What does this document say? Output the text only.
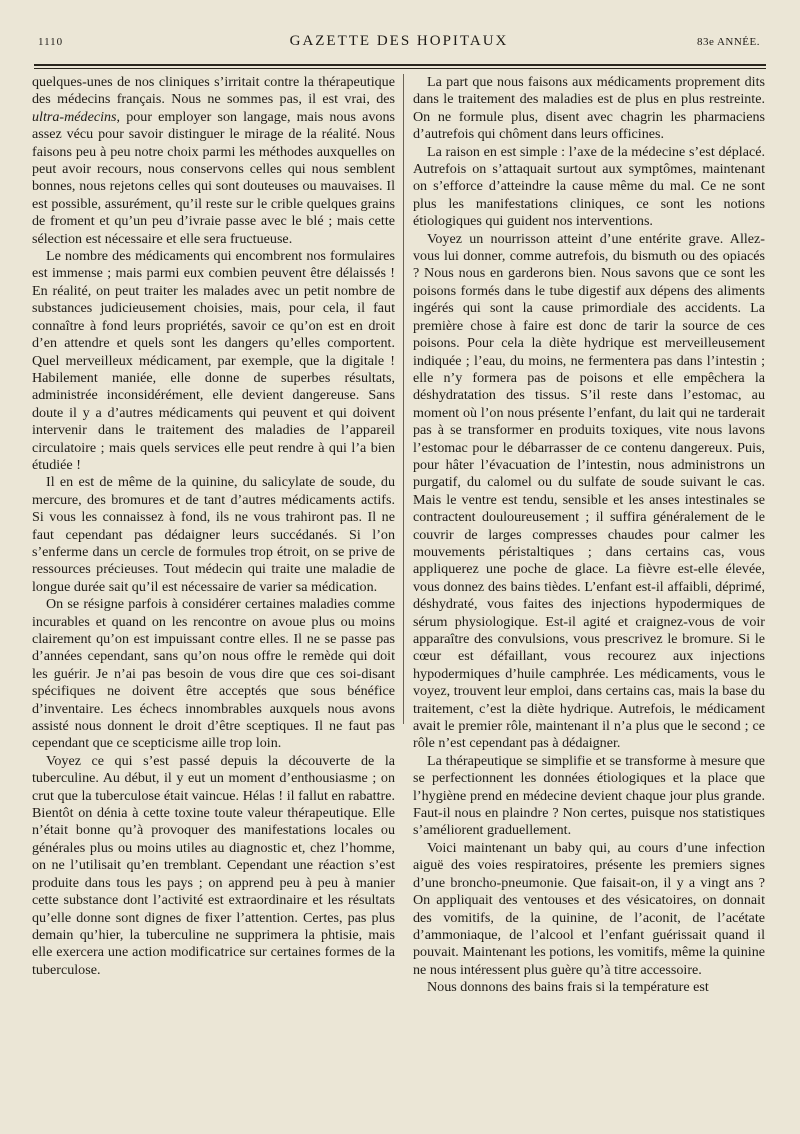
1110	GAZETTE DES HOPITAUX	83e ANNÉE.

quelques-unes de nos cliniques s’irritait contre la thérapeutique des médecins français. Nous ne sommes pas, il est vrai, des ultra-médecins, pour employer son langage, mais nous avons assez vécu pour savoir distinguer le mirage de la réalité. Nous faisons peu à peu notre choix parmi les méthodes auxquelles on peut avoir recours, nous conservons celles qui nous semblent bonnes, nous rejetons celles qui sont douteuses ou mauvaises. Il est possible, assurément, qu’il reste sur le crible quelques grains de froment et qu’un peu d’ivraie passe avec le blé ; mais cette sélection est nécessaire et elle sera fructueuse.

Le nombre des médicaments qui encombrent nos formulaires est immense ; mais parmi eux combien peuvent être délaissés ! En réalité, on peut traiter les malades avec un petit nombre de substances judicieusement choisies, mais, pour cela, il faut connaître à fond leurs propriétés, savoir ce qu’on est en droit d’en attendre et quels sont les dangers qu’elles comportent. Quel merveilleux médicament, par exemple, que la digitale ! Habilement maniée, elle donne de superbes résultats, administrée inconsidérément, elle devient dangereuse. Sans doute il y a d’autres médicaments qui peuvent et qui doivent intervenir dans le traitement des maladies de l’appareil circulatoire ; mais quels services elle peut rendre à qui l’a bien étudiée !

Il en est de même de la quinine, du salicylate de soude, du mercure, des bromures et de tant d’autres médicaments actifs. Si vous les connaissez à fond, ils ne vous trahiront pas. Il ne faut cependant pas dédaigner leurs succédanés. Si l’on s’enferme dans un cercle de formules trop étroit, on se prive de ressources précieuses. Tout médecin qui traite une maladie de longue durée sait qu’il est nécessaire de varier sa médication.

On se résigne parfois à considérer certaines maladies comme incurables et quand on les rencontre on avoue plus ou moins clairement qu’on est impuissant contre elles. Il ne se passe pas d’années cependant, sans qu’on nous offre le remède qui doit les guérir. Je n’ai pas besoin de vous dire que ces soi-disant spécifiques ne doivent être acceptés que sous bénéfice d’inventaire. Les échecs innombrables auxquels nous avons assisté nous donnent le droit d’être sceptiques. Il ne faut pas cependant que ce scepticisme aille trop loin.

Voyez ce qui s’est passé depuis la découverte de la tuberculine. Au début, il y eut un moment d’enthousiasme ; on crut que la tuberculose était vaincue. Hélas ! il fallut en rabattre. Bientôt on dénia à cette toxine toute valeur thérapeutique. Elle n’était bonne qu’à provoquer des manifestations locales ou générales plus ou moins utiles au diagnostic et, chez l’homme, on ne l’utilisait qu’en tremblant. Cependant une réaction s’est produite dans tous les pays ; on apprend peu à peu à manier cette substance dont l’activité est extraordinaire et les résultats qu’elle donne sont dignes de fixer l’attention. Certes, pas plus demain qu’hier, la tuberculine ne supprimera la phtisie, mais elle exercera une action modificatrice sur certaines formes de la tuberculose.

La part que nous faisons aux médicaments proprement dits dans le traitement des maladies est de plus en plus restreinte. On ne formule plus, disent avec chagrin les pharmaciens d’autrefois qui chôment dans leurs officines.

La raison en est simple : l’axe de la médecine s’est déplacé. Autrefois on s’attaquait surtout aux symptômes, maintenant on s’efforce d’atteindre la cause même du mal. Ce ne sont plus les manifestations cliniques, ce sont les notions étiologiques qui guident nos interventions.

Voyez un nourrisson atteint d’une entérite grave. Allez-vous lui donner, comme autrefois, du bismuth ou des opiacés ? Nous nous en garderons bien. Nous savons que ce sont les poisons formés dans le tube digestif aux dépens des aliments ingérés qui sont la cause primordiale des accidents. La première chose à faire est donc de tarir la source de ces poisons. Pour cela la diète hydrique est merveilleusement indiquée ; l’eau, du moins, ne fermentera pas dans l’intestin ; elle n’y formera pas de poisons et elle empêchera la déshydratation des tissus. S’il reste dans l’estomac, au moment où l’on nous présente l’enfant, du lait qui ne tarderait pas à se transformer en produits toxiques, vite nous lavons l’estomac pour le débarrasser de ce contenu dangereux. Puis, pour hâter l’évacuation de l’intestin, nous administrons un purgatif, du calomel ou du sulfate de soude suivant le cas. Mais le ventre est tendu, sensible et les anses intestinales se contractent douloureusement ; il suffira généralement de le couvrir de larges compresses chaudes pour calmer les mouvements péristaltiques ; dans certains cas, vous appliquerez une poche de glace. La fièvre est-elle élevée, vous donnez des bains tièdes. L’enfant est-il affaibli, déprimé, déshydraté, vous faites des injections hypodermiques de sérum physiologique. Est-il agité et craignez-vous de voir apparaître des convulsions, vous prescrivez le bromure. Si le cœur est défaillant, vous recourez aux injections hypodermiques d’huile camphrée. Les médicaments, vous le voyez, trouvent leur emploi, dans certains cas, mais la base du traitement, c’est la diète hydrique. Autrefois, le médicament avait le premier rôle, maintenant il n’a plus que le second ; ce rôle n’est cependant pas à dédaigner.

La thérapeutique se simplifie et se transforme à mesure que se perfectionnent les données étiologiques et la place que l’hygiène prend en médecine devient chaque jour plus grande. Faut-il nous en plaindre ? Non certes, puisque nos statistiques s’améliorent graduellement.

Voici maintenant un baby qui, au cours d’une infection aiguë des voies respiratoires, présente les premiers signes d’une broncho-pneumonie. Que faisait-on, il y a vingt ans ? On appliquait des ventouses et des vésicatoires, on donnait des vomitifs, de la quinine, de l’aconit, de l’acétate d’ammoniaque, de l’alcool et l’enfant guérissait quand il pouvait. Maintenant les potions, les vomitifs, même la quinine ne nous intéressent plus guère qu’à titre accessoire.

Nous donnons des bains frais si la température est
